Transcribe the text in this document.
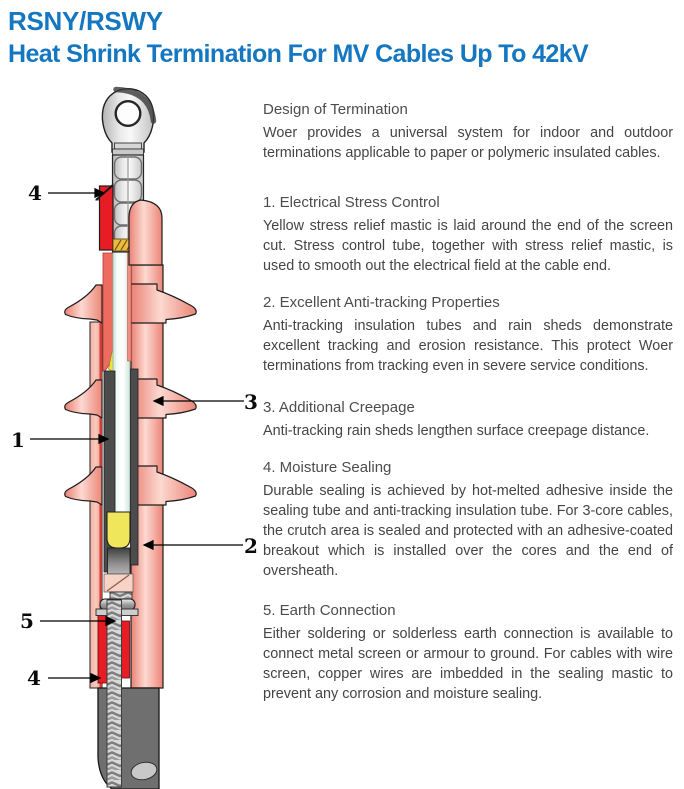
RSNY/RSWY
Heat Shrink Termination For MV Cables Up To 42kV
4
1
3
2
5
4
Design of Termination

Woer provides a universal system for indoor and outdoor terminations applicable to paper or polymeric insulated cables.

1. Electrical Stress Control

Yellow stress relief mastic is laid around the end of the screen cut. Stress control tube, together with stress relief mastic, is used to smooth out the electrical field at the cable end.

2. Excellent Anti-tracking Properties

Anti-tracking insulation tubes and rain sheds demonstrate excellent tracking and erosion resistance. This protect Woer terminations from tracking even in severe service conditions.

3. Additional Creepage

Anti-tracking rain sheds lengthen surface creepage distance.

4. Moisture Sealing

Durable sealing is achieved by hot-melted adhesive inside the sealing tube and anti-tracking insulation tube. For 3-core cables, the crutch area is sealed and protected with an adhesive-coated breakout which is installed over the cores and the end of oversheath.

5. Earth Connection

Either soldering or solderless earth connection is available to connect metal screen or armour to ground. For cables with wire screen, copper wires are imbedded in the sealing mastic to prevent any corrosion and moisture sealing.
